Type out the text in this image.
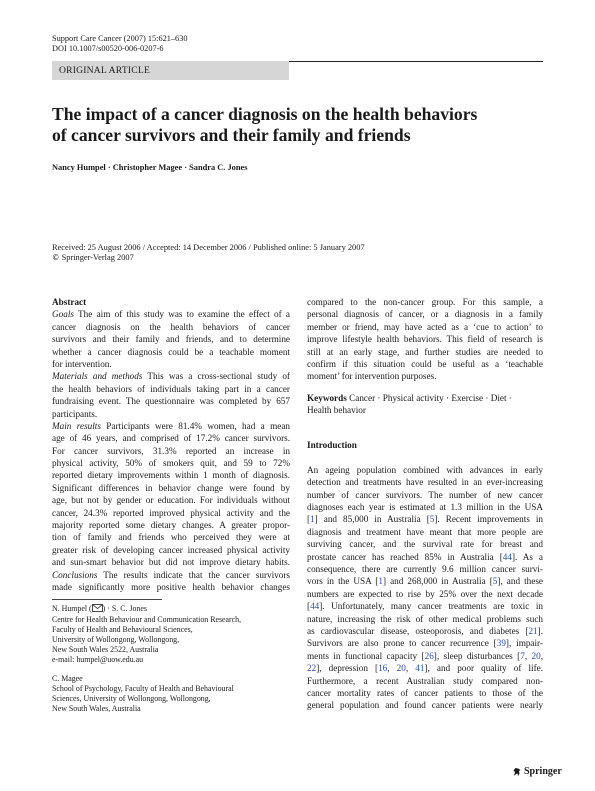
Support Care Cancer (2007) 15:621–630
DOI 10.1007/s00520-006-0207-6
ORIGINAL ARTICLE
The impact of a cancer diagnosis on the health behaviors
of cancer survivors and their family and friends
Nancy Humpel · Christopher Magee · Sandra C. Jones
Received: 25 August 2006 / Accepted: 14 December 2006 / Published online: 5 January 2007
© Springer-Verlag 2007
Abstract
Goals The aim of this study was to examine the effect of a
cancer diagnosis on the health behaviors of cancer
survivors and their family and friends, and to determine
whether a cancer diagnosis could be a teachable moment
for intervention.
Materials and methods This was a cross-sectional study of
the health behaviors of individuals taking part in a cancer
fundraising event. The questionnaire was completed by 657
participants.
Main results Participants were 81.4% women, had a mean
age of 46 years, and comprised of 17.2% cancer survivors.
For cancer survivors, 31.3% reported an increase in
physical activity, 50% of smokers quit, and 59 to 72%
reported dietary improvements within 1 month of diagnosis.
Significant differences in behavior change were found by
age, but not by gender or education. For individuals without
cancer, 24.3% reported improved physical activity and the
majority reported some dietary changes. A greater propor-
tion of family and friends who perceived they were at
greater risk of developing cancer increased physical activity
and sun-smart behavior but did not improve dietary habits.
Conclusions The results indicate that the cancer survivors
made significantly more positive health behavior changes
N. Humpel ( ) · S. C. Jones
Centre for Health Behaviour and Communication Research,
Faculty of Health and Behavioural Sciences,
University of Wollongong, Wollongong,
New South Wales 2522, Australia
e-mail: humpel@uow.edu.au
C. Magee
School of Psychology, Faculty of Health and Behavioural
Sciences, University of Wollongong, Wollongong,
New South Wales, Australia
compared to the non-cancer group. For this sample, a
personal diagnosis of cancer, or a diagnosis in a family
member or friend, may have acted as a ‘cue to action’ to
improve lifestyle health behaviors. This field of research is
still at an early stage, and further studies are needed to
confirm if this situation could be useful as a ‘teachable
moment’ for intervention purposes.
Keywords Cancer · Physical activity · Exercise · Diet ·
Health behavior
Introduction
An ageing population combined with advances in early
detection and treatments have resulted in an ever-increasing
number of cancer survivors. The number of new cancer
diagnoses each year is estimated at 1.3 million in the USA
[1] and 85,000 in Australia [5]. Recent improvements in
diagnosis and treatment have meant that more people are
surviving cancer, and the survival rate for breast and
prostate cancer has reached 85% in Australia [44]. As a
consequence, there are currently 9.6 million cancer survi-
vors in the USA [1] and 268,000 in Australia [5], and these
numbers are expected to rise by 25% over the next decade
[44]. Unfortunately, many cancer treatments are toxic in
nature, increasing the risk of other medical problems such
as cardiovascular disease, osteoporosis, and diabetes [21].
Survivors are also prone to cancer recurrence [39], impair-
ments in functional capacity [26], sleep disturbances [7, 20,
22], depression [16, 20, 41], and poor quality of life.
Furthermore, a recent Australian study compared non-
cancer mortality rates of cancer patients to those of the
general population and found cancer patients were nearly
Springer
